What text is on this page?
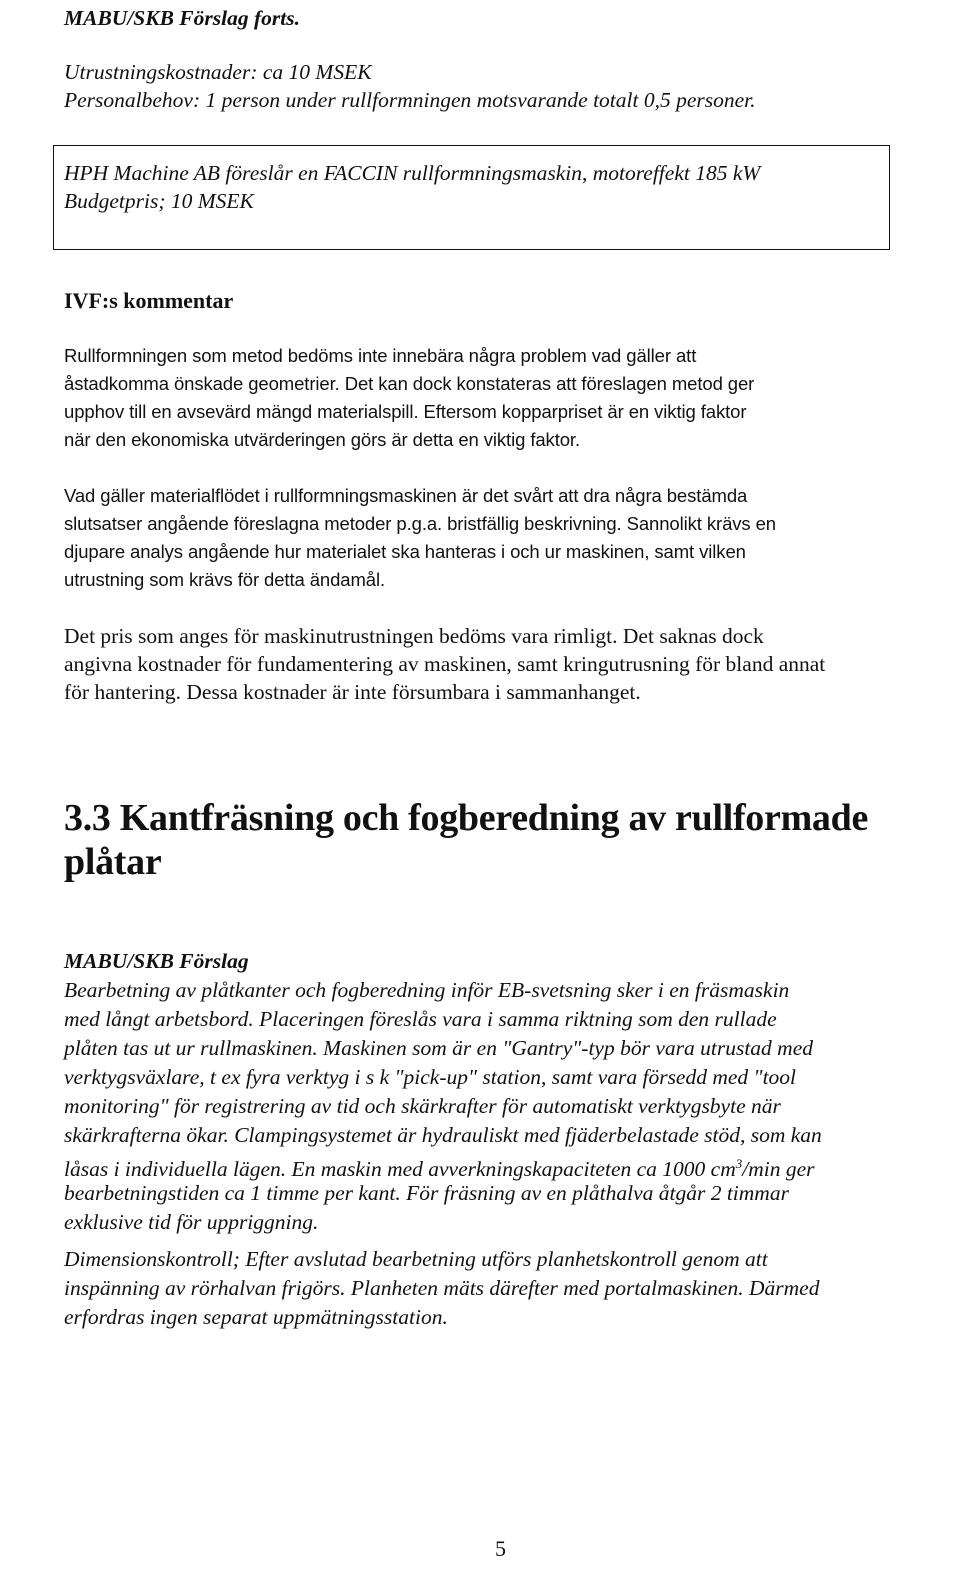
MABU/SKB Förslag forts.
Utrustningskostnader: ca 10 MSEK
Personalbehov: 1 person under rullformningen motsvarande totalt 0,5 personer.
HPH Machine AB föreslår en FACCIN rullformningsmaskin, motoreffekt 185 kW
Budgetpris; 10 MSEK
IVF:s kommentar
Rullformningen som metod bedöms inte innebära några problem vad gäller att
åstadkomma önskade geometrier. Det kan dock konstateras att föreslagen metod ger
upphov till en avsevärd mängd materialspill. Eftersom kopparpriset är en viktig faktor
när den ekonomiska utvärderingen görs är detta en viktig faktor.
Vad gäller materialflödet i rullformningsmaskinen är det svårt att dra några bestämda
slutsatser angående föreslagna metoder p.g.a. bristfällig beskrivning. Sannolikt krävs en
djupare analys angående hur materialet ska hanteras i och ur maskinen, samt vilken
utrustning som krävs för detta ändamål.
Det pris som anges för maskinutrustningen bedöms vara rimligt. Det saknas dock
angivna kostnader för fundamentering av maskinen, samt kringutrusning för bland annat
för hantering. Dessa kostnader är inte försumbara i sammanhanget.
3.3 Kantfräsning och fogberedning av rullformade
plåtar
MABU/SKB Förslag
Bearbetning av plåtkanter och fogberedning inför EB-svetsning sker i en fräsmaskin
med långt arbetsbord. Placeringen föreslås vara i samma riktning som den rullade
plåten tas ut ur rullmaskinen. Maskinen som är en "Gantry"-typ bör vara utrustad med
verktygsväxlare, t ex fyra verktyg i s k "pick-up" station, samt vara försedd med "tool
monitoring" för registrering av tid och skärkrafter för automatiskt verktygsbyte när
skärkrafterna ökar. Clampingsystemet är hydrauliskt med fjäderbelastade stöd, som kan
låsas i individuella lägen. En maskin med avverkningskapaciteten ca 1000 $cm^3/\min$ ger
bearbetningstiden ca 1 timme per kant. För fräsning av en plåthalva åtgår 2 timmar
exklusive tid för uppriggning.
Dimensionskontroll; Efter avslutad bearbetning utförs planhetskontroll genom att
inspänning av rörhalvan frigörs. Planheten mäts därefter med portalmaskinen. Därmed
erfordras ingen separat uppmätningsstation.
5
